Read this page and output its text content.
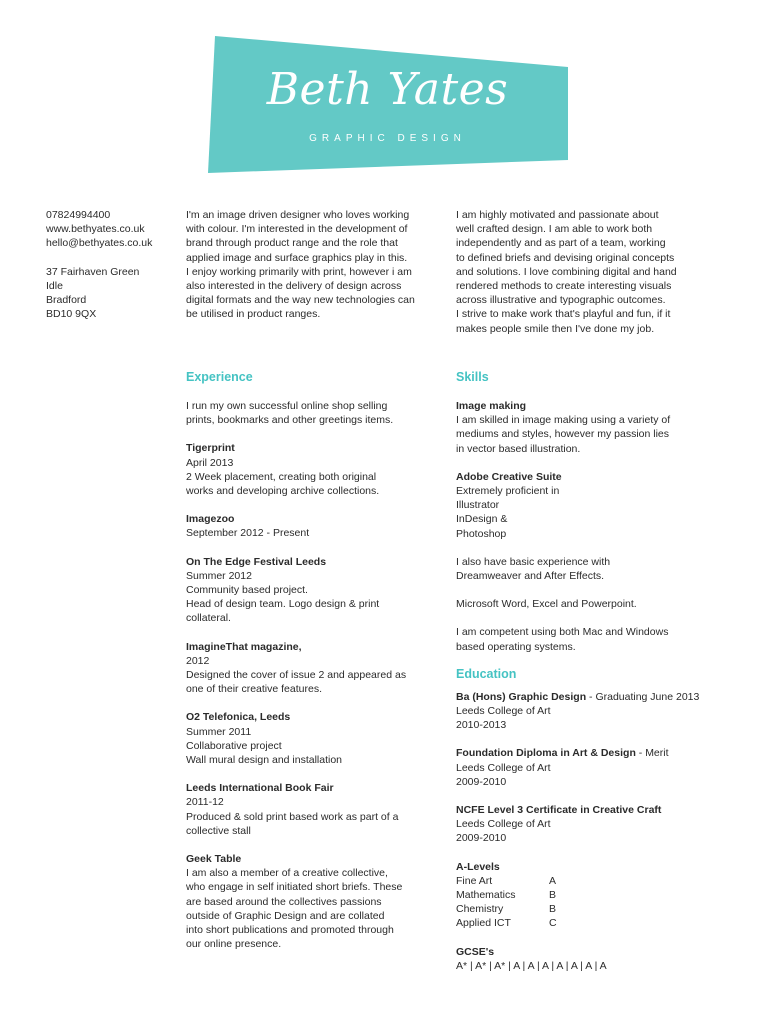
Beth Yates
GRAPHIC DESIGN
07824994400
www.bethyates.co.uk
hello@bethyates.co.uk
37 Fairhaven Green
Idle
Bradford
BD10 9QX
I'm an image driven designer who loves working
with colour. I'm interested in the development of
brand through product range and the role that
applied image and surface graphics play in this.
I enjoy working primarily with print, however i am
also interested in the delivery of design across
digital formats and the way new technologies can
be utilised in product ranges.
I am highly motivated and passionate about
well crafted design. I am able to work both
independently and as part of a team, working
to defined briefs and devising original concepts
and solutions. I love combining digital and hand
rendered methods to create interesting visuals
across illustrative and typographic outcomes.
I strive to make work that's playful and fun, if it
makes people smile then I've done my job.
Experience
I run my own successful online shop selling
prints, bookmarks and other greetings items.
Tigerprint
April 2013
2 Week placement, creating both original
works and developing archive collections.
Imagezoo
September 2012 - Present
On The Edge Festival Leeds
Summer 2012
Community based project.
Head of design team. Logo design & print
collateral.
ImagineThat magazine,
2012
Designed the cover of issue 2 and appeared as
one of their creative features.
O2 Telefonica, Leeds
Summer 2011
Collaborative project
Wall mural design and installation
Leeds International Book Fair
2011-12
Produced & sold print based work as part of a
collective stall
Geek Table
I am also a member of a creative collective,
who engage in self initiated short briefs. These
are based around the collectives passions
outside of Graphic Design and are collated
into short publications and promoted through
our online presence.
Skills
Image making
I am skilled in image making using a variety of
mediums and styles, however my passion lies
in vector based illustration.
Adobe Creative Suite
Extremely proficient in
Illustrator
InDesign &
Photoshop
I also have basic experience with
Dreamweaver and After Effects.
Microsoft Word, Excel and Powerpoint.
I am competent using both Mac and Windows
based operating systems.
Education
Ba (Hons) Graphic Design - Graduating June 2013
Leeds College of Art
2010-2013
Foundation Diploma in Art & Design - Merit
Leeds College of Art
2009-2010
NCFE Level 3 Certificate in Creative Craft
Leeds College of Art
2009-2010
A-Levels
Fine Art	A
Mathematics	B
Chemistry	B
Applied ICT	C
GCSE's
A* | A* | A* | A | A | A | A | A | A | A
